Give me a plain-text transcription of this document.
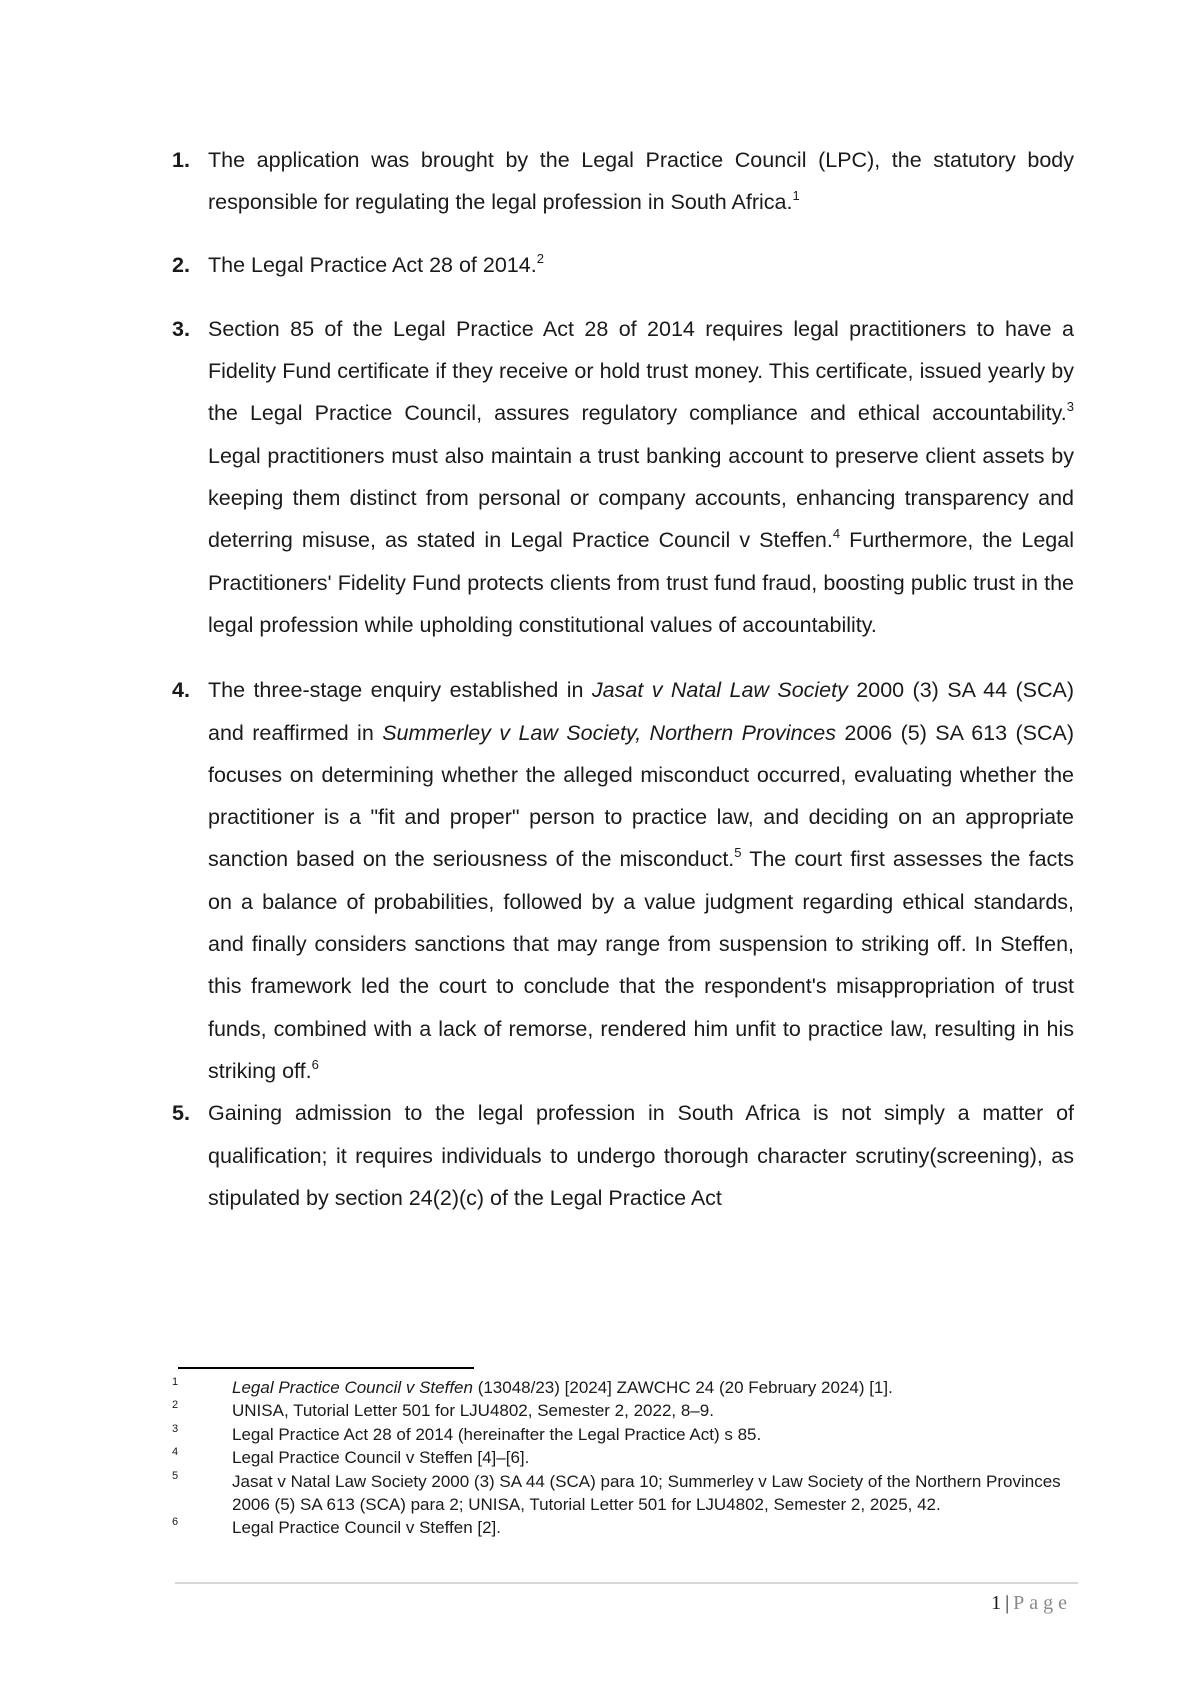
1. The application was brought by the Legal Practice Council (LPC), the statutory body responsible for regulating the legal profession in South Africa.$^1$
2. The Legal Practice Act 28 of 2014.$^2$
3. Section 85 of the Legal Practice Act 28 of 2014 requires legal practitioners to have a Fidelity Fund certificate if they receive or hold trust money. This certificate, issued yearly by the Legal Practice Council, assures regulatory compliance and ethical accountability.$^3$ Legal practitioners must also maintain a trust banking account to preserve client assets by keeping them distinct from personal or company accounts, enhancing transparency and deterring misuse, as stated in Legal Practice Council v Steffen.$^4$ Furthermore, the Legal Practitioners' Fidelity Fund protects clients from trust fund fraud, boosting public trust in the legal profession while upholding constitutional values of accountability.
4. The three-stage enquiry established in Jasat v Natal Law Society 2000 (3) SA 44 (SCA) and reaffirmed in Summerley v Law Society, Northern Provinces 2006 (5) SA 613 (SCA) focuses on determining whether the alleged misconduct occurred, evaluating whether the practitioner is a "fit and proper" person to practice law, and deciding on an appropriate sanction based on the seriousness of the misconduct.$^5$ The court first assesses the facts on a balance of probabilities, followed by a value judgment regarding ethical standards, and finally considers sanctions that may range from suspension to striking off. In Steffen, this framework led the court to conclude that the respondent's misappropriation of trust funds, combined with a lack of remorse, rendered him unfit to practice law, resulting in his striking off.$^6$
5. Gaining admission to the legal profession in South Africa is not simply a matter of qualification; it requires individuals to undergo thorough character scrutiny(screening), as stipulated by section 24(2)(c) of the Legal Practice Act
1	Legal Practice Council v Steffen (13048/23) [2024] ZAWCHC 24 (20 February 2024) [1].
2	UNISA, Tutorial Letter 501 for LJU4802, Semester 2, 2022, 8–9.
3	Legal Practice Act 28 of 2014 (hereinafter the Legal Practice Act) s 85.
4	Legal Practice Council v Steffen [4]–[6].
5	Jasat v Natal Law Society 2000 (3) SA 44 (SCA) para 10; Summerley v Law Society of the Northern Provinces 2006 (5) SA 613 (SCA) para 2; UNISA, Tutorial Letter 501 for LJU4802, Semester 2, 2025, 42.
6	Legal Practice Council v Steffen [2].
1 | Page
